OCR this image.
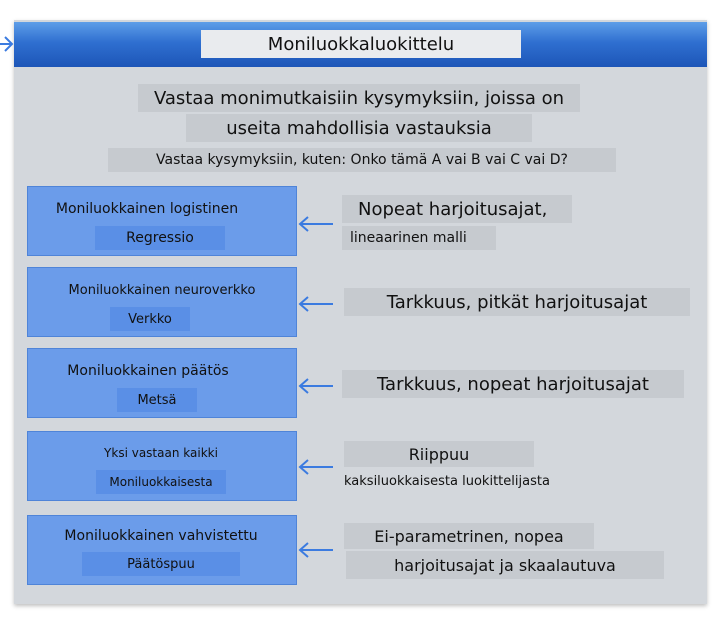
Moniluokkaluokittelu
Vastaa monimutkaisiin kysymyksiin, joissa on
useita mahdollisia vastauksia
Vastaa kysymyksiin, kuten: Onko tämä A vai B vai C vai D?
Moniluokkainen logistinen
Regressio
Nopeat harjoitusajat,
lineaarinen malli
Moniluokkainen neuroverkko
Verkko
Tarkkuus, pitkät harjoitusajat
Moniluokkainen päätös
Metsä
Tarkkuus, nopeat harjoitusajat
Yksi vastaan kaikki
Moniluokkaisesta
Riippuu
kaksiluokkaisesta luokittelijasta
Moniluokkainen vahvistettu
Päätöspuu
Ei-parametrinen, nopea
harjoitusajat ja skaalautuva
